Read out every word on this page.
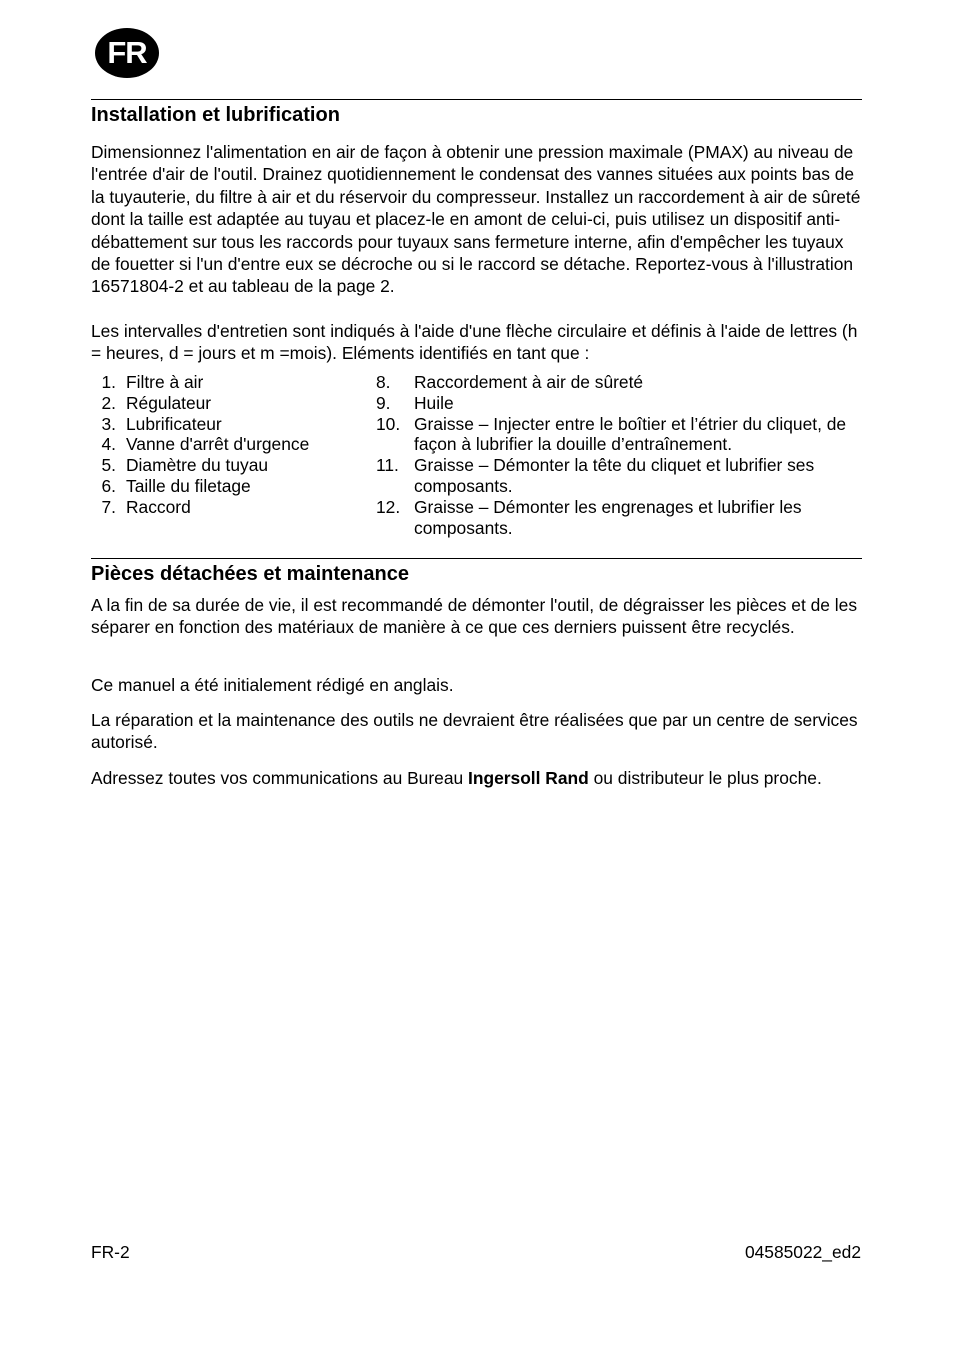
FR
Installation et lubrification
Dimensionnez l'alimentation en air de façon à obtenir une pression maximale (PMAX) au niveau de l'entrée d'air de l'outil. Drainez quotidiennement le condensat des vannes situées aux points bas de la tuyauterie, du filtre à air et du réservoir du compresseur. Installez un raccordement à air de sûreté dont la taille est adaptée au tuyau et placez-le en amont de celui-ci, puis utilisez un dispositif anti-débattement sur tous les raccords pour tuyaux sans fermeture interne, afin d'empêcher les tuyaux de fouetter si l'un d'entre eux se décroche ou si le raccord se détache. Reportez-vous à l'illustration 16571804-2 et au tableau de la page 2.
Les intervalles d'entretien sont indiqués à l'aide d'une flèche circulaire et définis à l'aide de lettres (h = heures, d = jours et m =mois). Eléments identifiés en tant que :
1. Filtre à air
2. Régulateur
3. Lubrificateur
4. Vanne d'arrêt d'urgence
5. Diamètre du tuyau
6. Taille du filetage
7. Raccord
8.	Raccordement à air de sûreté
9.	Huile
10. Graisse – Injecter entre le boîtier et l’étrier du cliquet, de façon à lubrifier la douille d’entraînement.
11. Graisse – Démonter la tête du cliquet et lubrifier ses composants.
12. Graisse – Démonter les engrenages et lubrifier les composants.
Pièces détachées et maintenance
A la fin de sa durée de vie, il est recommandé de démonter l'outil, de dégraisser les pièces et de les séparer en fonction des matériaux de manière à ce que ces derniers puissent être recyclés.
Ce manuel a été initialement rédigé en anglais.
La réparation et la maintenance des outils ne devraient être réalisées que par un centre de services autorisé.
Adressez toutes vos communications au Bureau Ingersoll Rand ou distributeur le plus proche.
FR-2	04585022_ed2
